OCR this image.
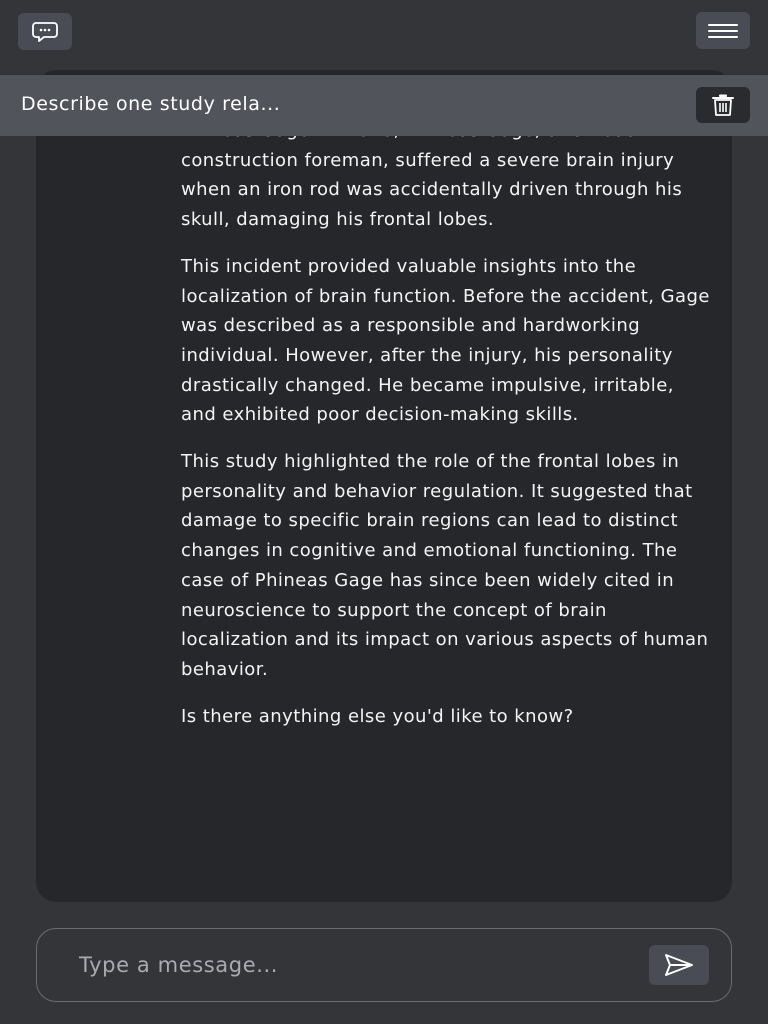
construction foreman, suffered a severe brain injury when an iron rod was accidentally driven through his skull, damaging his frontal lobes.

This incident provided valuable insights into the localization of brain function. Before the accident, Gage was described as a responsible and hardworking individual. However, after the injury, his personality drastically changed. He became impulsive, irritable, and exhibited poor decision-making skills.

This study highlighted the role of the frontal lobes in personality and behavior regulation. It suggested that damage to specific brain regions can lead to distinct changes in cognitive and emotional functioning. The case of Phineas Gage has since been widely cited in neuroscience to support the concept of brain localization and its impact on various aspects of human behavior.

Is there anything else you'd like to know?

Describe one study rela...
Type a message...
